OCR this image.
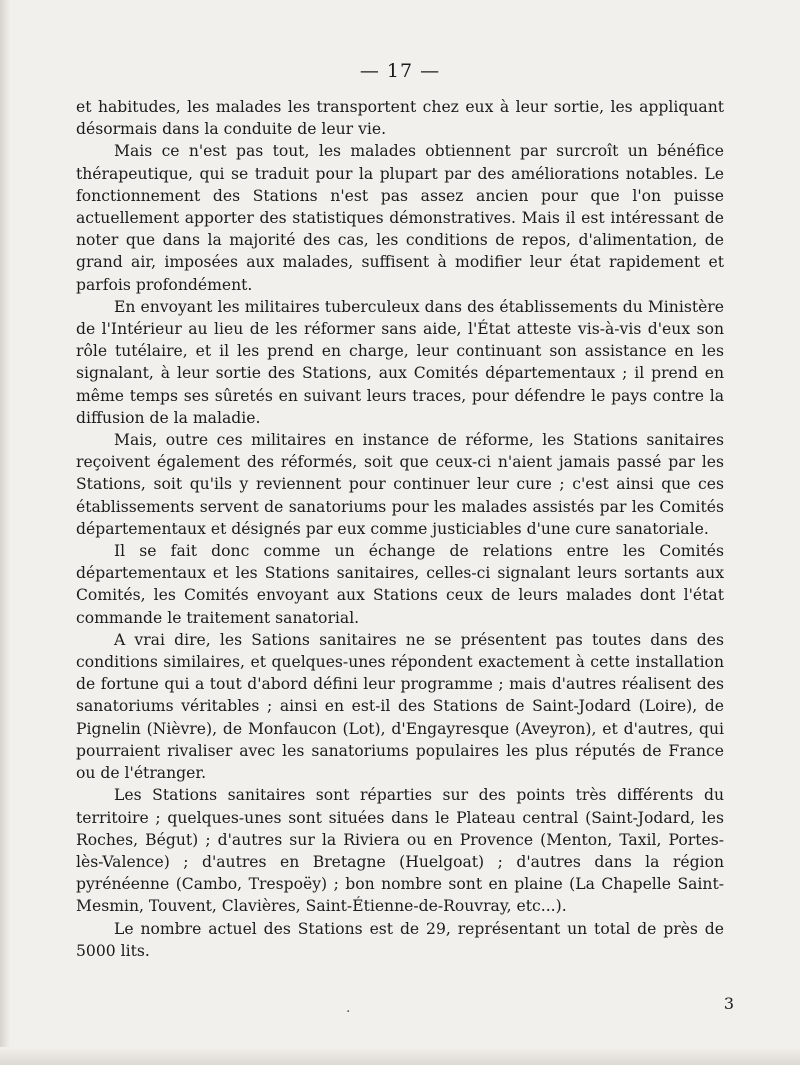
— 17 —

et habitudes, les malades les transportent chez eux à leur sortie, les appliquant désormais dans la conduite de leur vie.

Mais ce n'est pas tout, les malades obtiennent par surcroît un bénéfice thérapeutique, qui se traduit pour la plupart par des améliorations notables. Le fonctionnement des Stations n'est pas assez ancien pour que l'on puisse actuellement apporter des statistiques démonstratives. Mais il est intéressant de noter que dans la majorité des cas, les conditions de repos, d'alimentation, de grand air, imposées aux malades, suffisent à modifier leur état rapidement et parfois profondément.

En envoyant les militaires tuberculeux dans des établissements du Ministère de l'Intérieur au lieu de les réformer sans aide, l'État atteste vis-à-vis d'eux son rôle tutélaire, et il les prend en charge, leur continuant son assistance en les signalant, à leur sortie des Stations, aux Comités départementaux ; il prend en même temps ses sûretés en suivant leurs traces, pour défendre le pays contre la diffusion de la maladie.

Mais, outre ces militaires en instance de réforme, les Stations sanitaires reçoivent également des réformés, soit que ceux-ci n'aient jamais passé par les Stations, soit qu'ils y reviennent pour continuer leur cure ; c'est ainsi que ces établissements servent de sanatoriums pour les malades assistés par les Comités départementaux et désignés par eux comme justiciables d'une cure sanatoriale.

Il se fait donc comme un échange de relations entre les Comités départementaux et les Stations sanitaires, celles-ci signalant leurs sortants aux Comités, les Comités envoyant aux Stations ceux de leurs malades dont l'état commande le traitement sanatorial.

A vrai dire, les Sations sanitaires ne se présentent pas toutes dans des conditions similaires, et quelques-unes répondent exactement à cette installation de fortune qui a tout d'abord défini leur programme ; mais d'autres réalisent des sanatoriums véritables ; ainsi en est-il des Stations de Saint-Jodard (Loire), de Pignelin (Nièvre), de Monfaucon (Lot), d'Engayresque (Aveyron), et d'autres, qui pourraient rivaliser avec les sanatoriums populaires les plus réputés de France ou de l'étranger.

Les Stations sanitaires sont réparties sur des points très différents du territoire ; quelques-unes sont situées dans le Plateau central (Saint-Jodard, les Roches, Bégut) ; d'autres sur la Riviera ou en Provence (Menton, Taxil, Portes-lès-Valence) ; d'autres en Bretagne (Huelgoat) ; d'autres dans la région pyrénéenne (Cambo, Trespoëy) ; bon nombre sont en plaine (La Chapelle Saint-Mesmin, Touvent, Clavières, Saint-Étienne-de-Rouvray, etc...).

Le nombre actuel des Stations est de 29, représentant un total de près de 5000 lits.

.	3
